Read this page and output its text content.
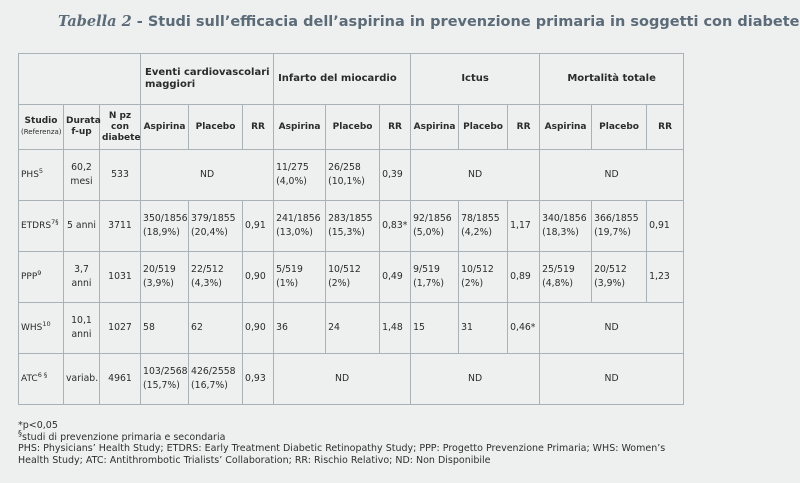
Tabella 2 - Studi sull’efficacia dell’aspirina in prevenzione primaria in soggetti con diabete
			Eventi cardiovascolari maggiori			Infarto del miocardio			Ictus			Mortalità totale		

Studio
(Referenza)	Durata f-up	N pz con diabete	Aspirina	Placebo	RR	Aspirina	Placebo	RR	Aspirina	Placebo	RR	Aspirina	Placebo	RR
PHS$^5$	60,2 mesi	533	ND			11/275 (4,0%)	26/258 (10,1%)	0,39	ND			ND		
ETDRS$^{7\S}$	5 anni	3711	350/1856 (18,9%)	379/1855 (20,4%)	0,91	241/1856 (13,0%)	283/1855 (15,3%)	0,83*	92/1856 (5,0%)	78/1855 (4,2%)	1,17	340/1856 (18,3%)	366/1855 (19,7%)	0,91
PPP$^9$	3,7 anni	1031	20/519 (3,9%)	22/512 (4,3%)	0,90	5/519 (1%)	10/512 (2%)	0,49	9/519 (1,7%)	10/512 (2%)	0,89	25/519 (4,8%)	20/512 (3,9%)	1,23
WHS$^{10}$	10,1 anni	1027	58	62	0,90	36	24	1,48	15	31	0,46*	ND		
ATC$^{6 \S}$	variab.	4961	103/2568 (15,7%)	426/2558 (16,7%)	0,93	ND			ND			ND		
*p<0,05
§studi di prevenzione primaria e secondaria
PHS: Physicians’ Health Study; ETDRS: Early Treatment Diabetic Retinopathy Study; PPP: Progetto Prevenzione Primaria; WHS: Women’s Health Study; ATC: Antithrombotic Trialists’ Collaboration; RR: Rischio Relativo; ND: Non Disponibile
